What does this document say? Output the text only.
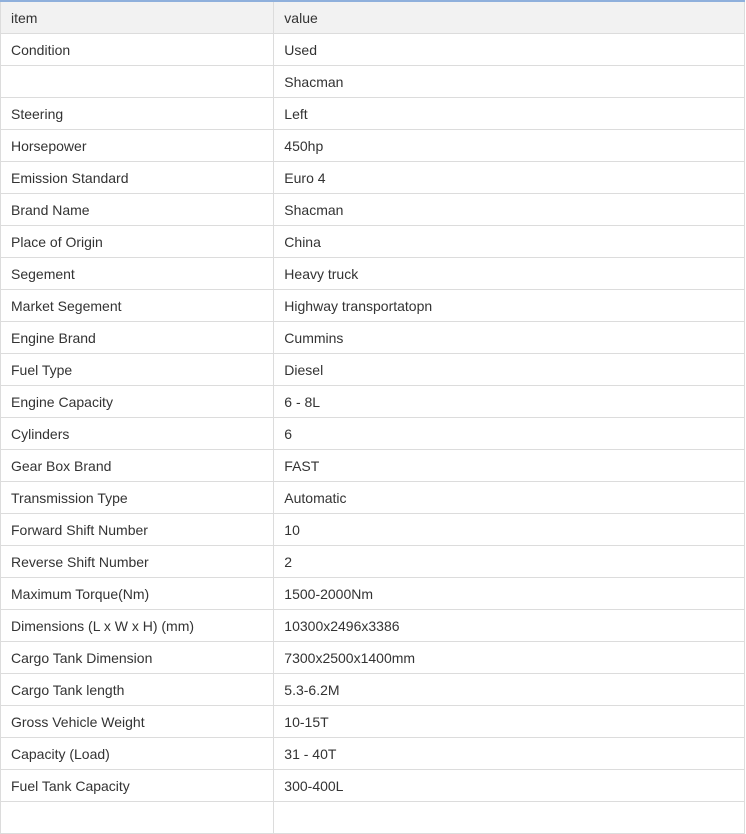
item	value
Condition	Used
	Shacman
Steering	Left
Horsepower	450hp
Emission Standard	Euro 4
Brand Name	Shacman
Place of Origin	China
Segement	Heavy truck
Market Segement	Highway transportatopn
Engine Brand	Cummins
Fuel Type	Diesel
Engine Capacity	6 - 8L
Cylinders	6
Gear Box Brand	FAST
Transmission Type	Automatic
Forward Shift Number	10
Reverse Shift Number	2
Maximum Torque(Nm)	1500-2000Nm
Dimensions (L x W x H) (mm)	10300x2496x3386
Cargo Tank Dimension	7300x2500x1400mm
Cargo Tank length	5.3-6.2M
Gross Vehicle Weight	10-15T
Capacity (Load)	31 - 40T
Fuel Tank Capacity	300-400L
